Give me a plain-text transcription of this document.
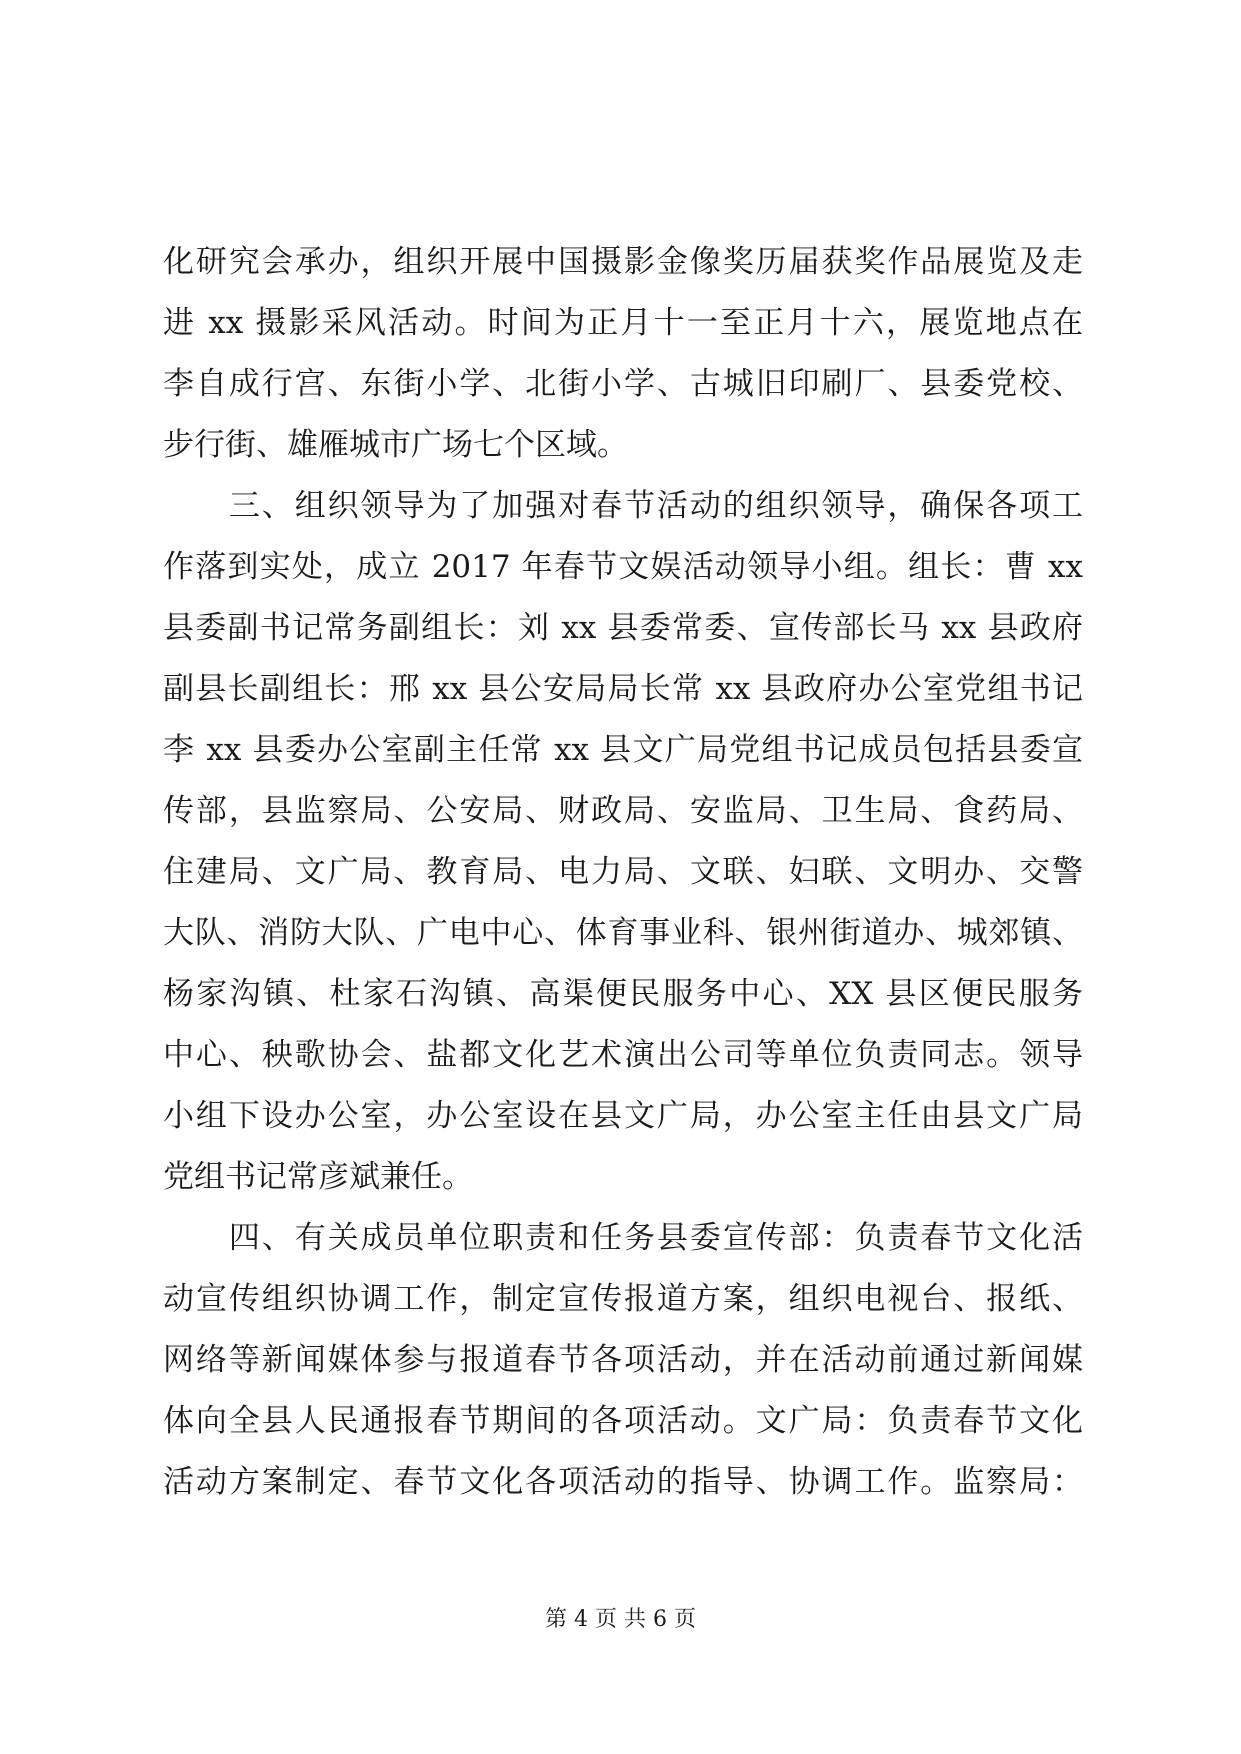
化研究会承办，组织开展中国摄影金像奖历届获奖作品展览及走
进 xx 摄影采风活动。时间为正月十一至正月十六，展览地点在
李自成行宫、东街小学、北街小学、古城旧印刷厂、县委党校、
步行街、雄雁城市广场七个区域。
　　三、组织领导为了加强对春节活动的组织领导，确保各项工
作落到实处，成立 2017 年春节文娱活动领导小组。组长：曹 xx
县委副书记常务副组长：刘 xx 县委常委、宣传部长马 xx 县政府
副县长副组长：邢 xx 县公安局局长常 xx 县政府办公室党组书记
李 xx 县委办公室副主任常 xx 县文广局党组书记成员包括县委宣
传部，县监察局、公安局、财政局、安监局、卫生局、食药局、
住建局、文广局、教育局、电力局、文联、妇联、文明办、交警
大队、消防大队、广电中心、体育事业科、银州街道办、城郊镇、
杨家沟镇、杜家石沟镇、高渠便民服务中心、XX 县区便民服务
中心、秧歌协会、盐都文化艺术演出公司等单位负责同志。领导
小组下设办公室，办公室设在县文广局，办公室主任由县文广局
党组书记常彦斌兼任。
　　四、有关成员单位职责和任务县委宣传部：负责春节文化活
动宣传组织协调工作，制定宣传报道方案，组织电视台、报纸、
网络等新闻媒体参与报道春节各项活动，并在活动前通过新闻媒
体向全县人民通报春节期间的各项活动。文广局：负责春节文化
活动方案制定、春节文化各项活动的指导、协调工作。监察局：
第 4 页 共 6 页
